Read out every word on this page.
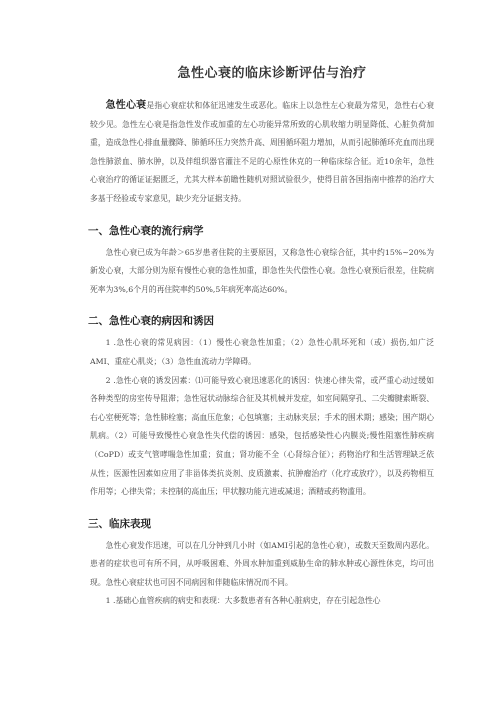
急性心衰的临床诊断评估与治疗

急性心衰是指心衰症状和体征迅速发生或恶化。临床上以急性左心衰最为常见，急性右心衰较少见。急性左心衰是指急性发作或加重的左心功能异常所致的心肌收缩力明显降低、心脏负荷加重，造成急性心排血量骤降、肺循环压力突然升高、周围循环阻力增加，从而引起肺循环充血而出现急性肺淤血、肺水肿，以及伴组织器官灌注不足的心原性休克的一种临床综合征。近10余年，急性心衰治疗的循证证据匮乏，尤其大样本前瞻性随机对照试验很少，使得目前各国指南中推荐的治疗大多基于经验或专家意见，缺少充分证据支持。

一、急性心衰的流行病学

急性心衰已成为年龄＞65岁患者住院的主要原因，又称急性心衰综合征，其中约15%~20%为新发心衰，大部分则为原有慢性心衰的急性加重，即急性失代偿性心衰。急性心衰预后很差，住院病死率为3%,6个月的再住院率约50%,5年病死率高达60%。

二、急性心衰的病因和诱因

1 .急性心衰的常见病因：（1）慢性心衰急性加重；（2）急性心肌坏死和（或）损伤,如广泛AMI、重症心肌炎；（3）急性血流动力学障碍。

2 .急性心衰的诱发因素：⑴可能导致心衰迅速恶化的诱因：快速心律失常，或严重心动过缓如各种类型的房室传导阻滞；急性冠状动脉综合征及其机械并发症，如室间隔穿孔、二尖瓣腱索断裂、右心室梗死等；急性肺栓塞；高血压危象；心包填塞；主动脉夹层；手术的围术期；感染；围产期心肌病。（2）可能导致慢性心衰急性失代偿的诱因：感染，包括感染性心内膜炎;慢性阻塞性肺疾病（CoPD）或支气管哮喘急性加重；贫血；肾功能不全（心肾综合征）；药物治疗和生活管理缺乏依从性；医源性因素如应用了非甾体类抗炎剂、皮质激素、抗肿瘤治疗（化疗或放疗），以及药物相互作用等；心律失常；未控制的高血压；甲状腺功能亢进或减退；酒精或药物滥用。

三、临床表现

急性心衰发作迅速，可以在几分钟到几小时（如AMI引起的急性心衰），或数天至数周内恶化。患者的症状也可有所不同，从呼吸困难、外周水肿加重到威胁生命的肺水肿或心源性休克，均可出现。急性心衰症状也可因不同病因和伴随临床情况而不同。

1 .基础心血管疾病的病史和表现：大多数患者有各种心脏病史，存在引起急性心
